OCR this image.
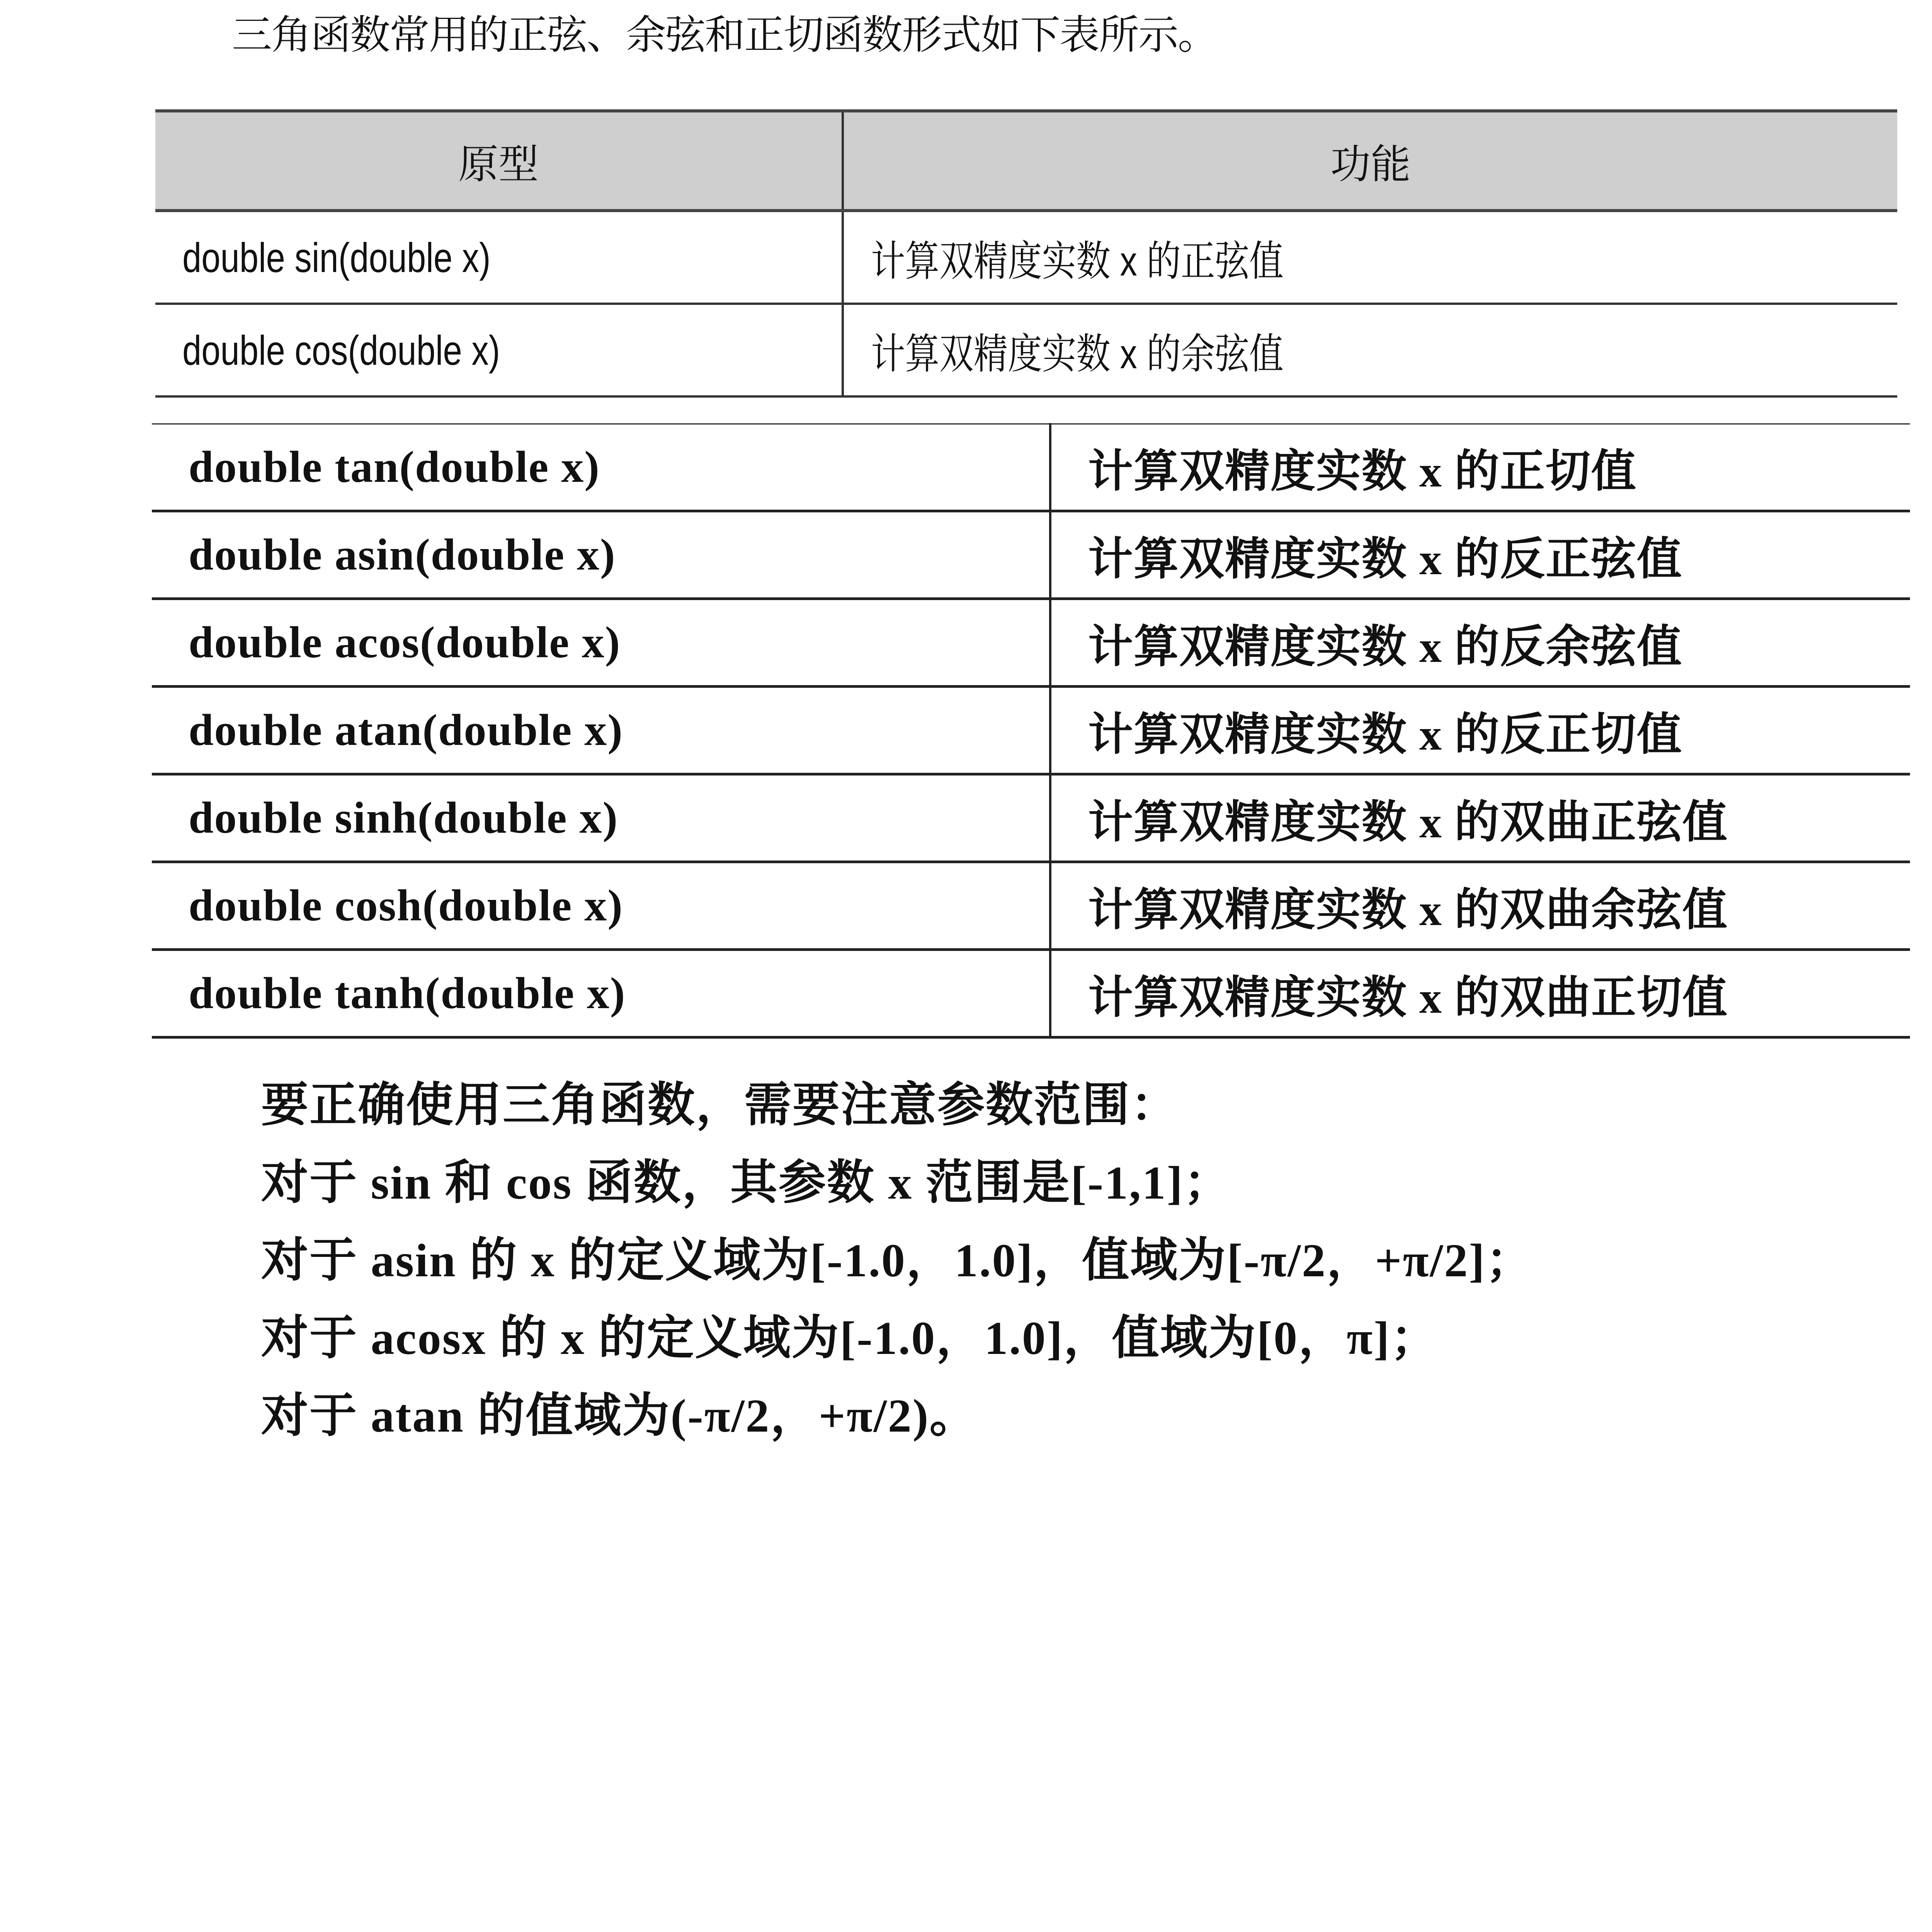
三角函数常用的正弦、余弦和正切函数形式如下表所示。
原型	功能
double sin(double x)	计算双精度实数 x 的正弦值
double cos(double x)	计算双精度实数 x 的余弦值
double tan(double x)	计算双精度实数 x 的正切值
double asin(double x)	计算双精度实数 x 的反正弦值
double acos(double x)	计算双精度实数 x 的反余弦值
double atan(double x)	计算双精度实数 x 的反正切值
double sinh(double x)	计算双精度实数 x 的双曲正弦值
double cosh(double x)	计算双精度实数 x 的双曲余弦值
double tanh(double x)	计算双精度实数 x 的双曲正切值
要正确使用三角函数，需要注意参数范围：
对于 sin 和 cos 函数，其参数 x 范围是[-1,1]；
对于 asin 的 x 的定义域为[-1.0，1.0]，值域为[-π/2，+π/2]；
对于 acosx 的 x 的定义域为[-1.0，1.0]，值域为[0，π]；
对于 atan 的值域为(-π/2，+π/2)。
